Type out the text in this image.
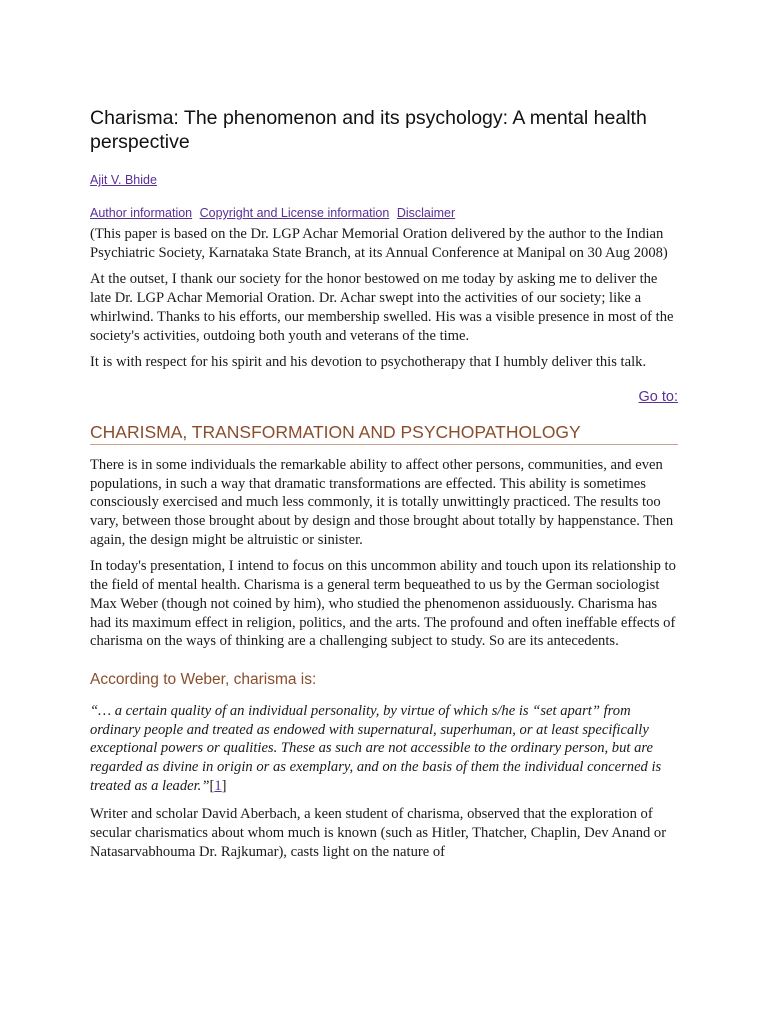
Charisma: The phenomenon and its psychology: A mental health perspective
Ajit V. Bhide
Author information Copyright and License information Disclaimer

(This paper is based on the Dr. LGP Achar Memorial Oration delivered by the author to the Indian Psychiatric Society, Karnataka State Branch, at its Annual Conference at Manipal on 30 Aug 2008)

At the outset, I thank our society for the honor bestowed on me today by asking me to deliver the late Dr. LGP Achar Memorial Oration. Dr. Achar swept into the activities of our society; like a whirlwind. Thanks to his efforts, our membership swelled. His was a visible presence in most of the society's activities, outdoing both youth and veterans of the time.

It is with respect for his spirit and his devotion to psychotherapy that I humbly deliver this talk.

Go to:
CHARISMA, TRANSFORMATION AND PSYCHOPATHOLOGY

There is in some individuals the remarkable ability to affect other persons, communities, and even populations, in such a way that dramatic transformations are effected. This ability is sometimes consciously exercised and much less commonly, it is totally unwittingly practiced. The results too vary, between those brought about by design and those brought about totally by happenstance. Then again, the design might be altruistic or sinister.

In today's presentation, I intend to focus on this uncommon ability and touch upon its relationship to the field of mental health. Charisma is a general term bequeathed to us by the German sociologist Max Weber (though not coined by him), who studied the phenomenon assiduously. Charisma has had its maximum effect in religion, politics, and the arts. The profound and often ineffable effects of charisma on the ways of thinking are a challenging subject to study. So are its antecedents.

According to Weber, charisma is:
“… a certain quality of an individual personality, by virtue of which s/he is “set apart” from ordinary people and treated as endowed with supernatural, superhuman, or at least specifically exceptional powers or qualities. These as such are not accessible to the ordinary person, but are regarded as divine in origin or as exemplary, and on the basis of them the individual concerned is treated as a leader.”[1]

Writer and scholar David Aberbach, a keen student of charisma, observed that the exploration of secular charismatics about whom much is known (such as Hitler, Thatcher, Chaplin, Dev Anand or Natasarvabhouma Dr. Rajkumar), casts light on the nature of
